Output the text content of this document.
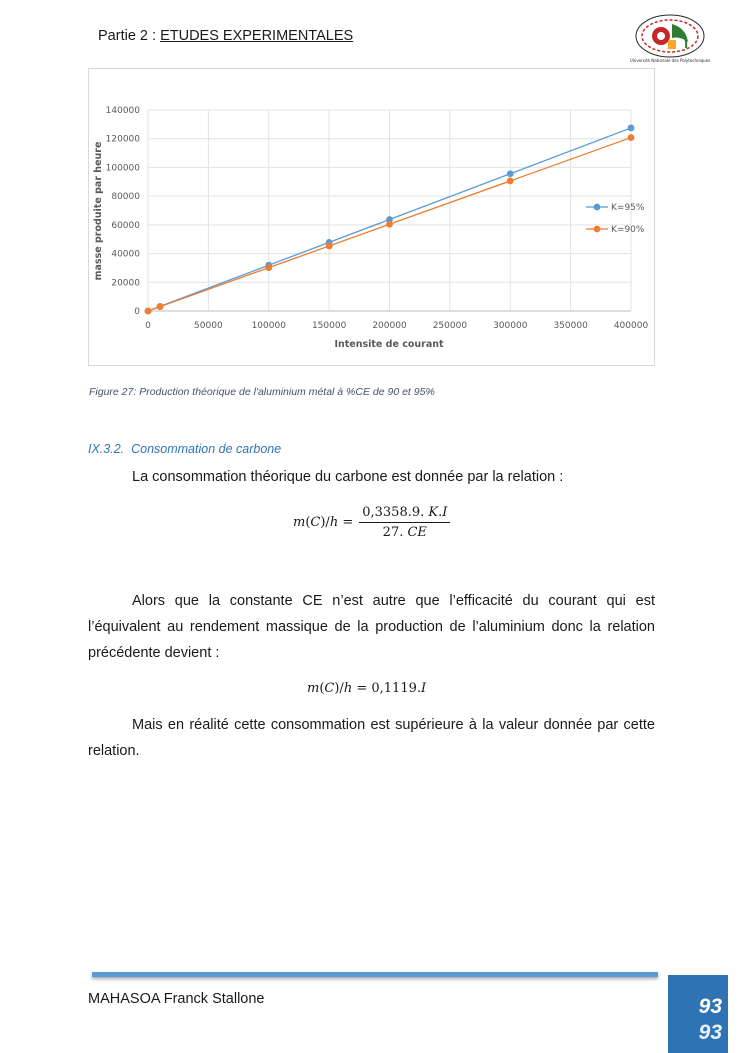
Partie 2 : ETUDES EXPERIMENTALES
Université Nationale des Polytechniques
0
20000
40000
60000
80000
100000
120000
140000
0	50000	100000	150000	200000	250000	300000	350000	400000
Intensite de courant
masse produite par heure	K=95%
K=90%
Figure 27: Production théorique de l'aluminium métal à %CE de 90 et 95%
IX.3.2. Consommation de carbone
La consommation théorique du carbone est donnée par la relation :
m ( C )/ h
= $\frac{0,3358.9. K.I}{27. CE}$
Alors que la constante CE n’est autre que l’efficacité du courant qui est l’équivalent au rendement massique de la production de l’aluminium donc la relation précédente devient :
m(C)/h = 0,1119.I
Mais en réalité cette consommation est supérieure à la valeur donnée par cette relation.
MAHASOA Franck Stallone	93
93
